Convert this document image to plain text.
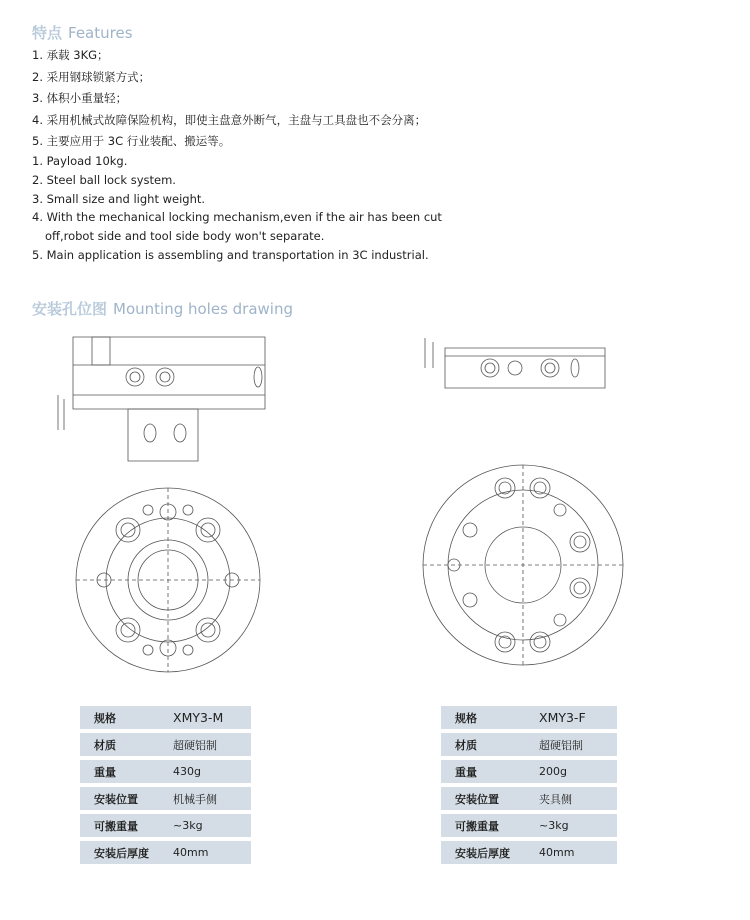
特点 Features
1. 承载 3KG；
2. 采用钢球锁紧方式；
3. 体积小重量轻；
4. 采用机械式故障保险机构，即使主盘意外断气，主盘与工具盘也不会分离；
5. 主要应用于 3C 行业装配、搬运等。
1. Payload 10kg.
2. Steel ball lock system.
3. Small size and light weight.
4. With the mechanical locking mechanism,even if the air has been cut
off,robot side and tool side body won't separate.
5. Main application is assembling and transportation in 3C industrial.
安装孔位图 Mounting holes drawing
规格	XMY3-M
材质	超硬铝制
重量	430g
安装位置	机械手侧
可搬重量	~3kg
安装后厚度	40mm
规格	XMY3-F
材质	超硬铝制
重量	200g
安装位置	夹具侧
可搬重量	~3kg
安装后厚度	40mm
